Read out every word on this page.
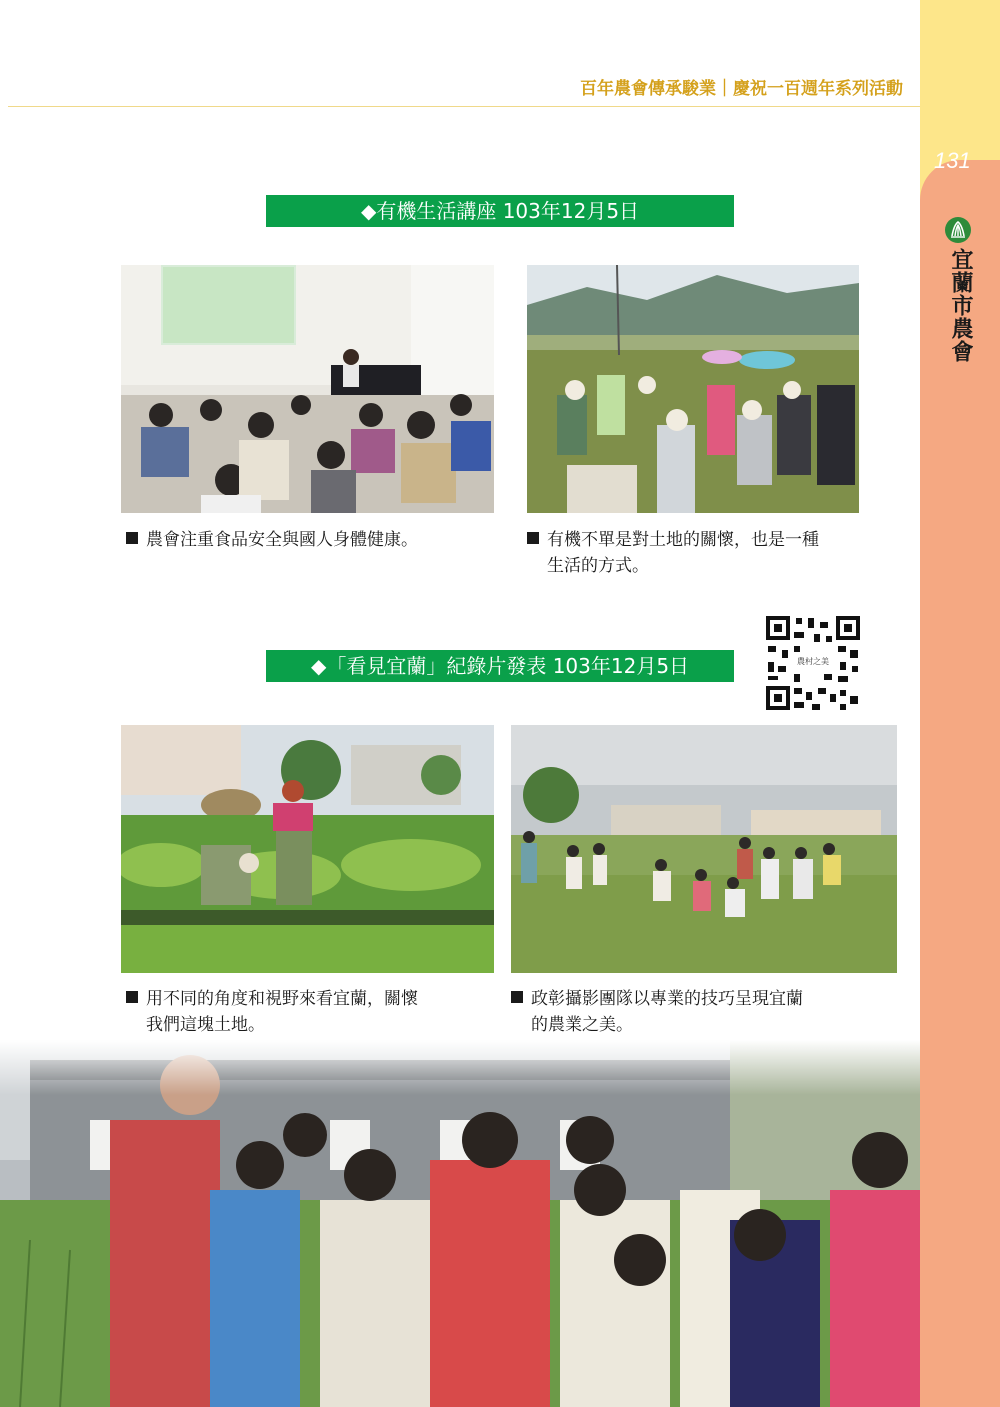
131
宜蘭市農會
百年農會傳承駿業｜慶祝一百週年系列活動
◆有機生活講座 103年12月5日
農會注重食品安全與國人身體健康。	有機不單是對土地的關懷，也是一種
生活的方式。
◆「看見宜蘭」紀錄片發表 103年12月5日	農村之美
用不同的角度和視野來看宜蘭，關懷
我們這塊土地。
政彰攝影團隊以專業的技巧呈現宜蘭
的農業之美。
